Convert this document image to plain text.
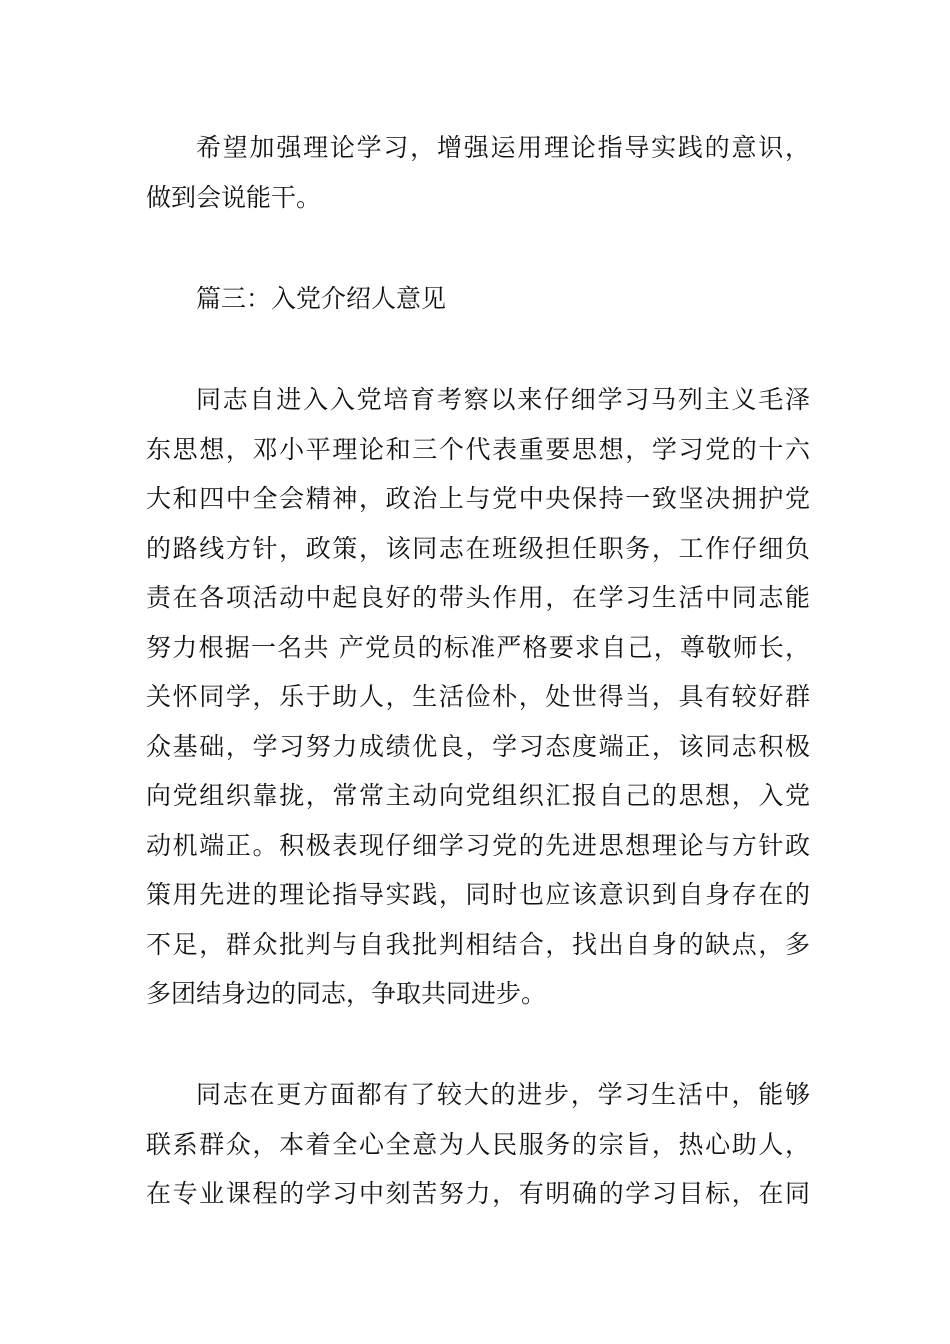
希望加强理论学习，增强运用理论指导实践的意识，
做到会说能干。
篇三：入党介绍人意见
同志自进入入党培育考察以来仔细学习马列主义毛泽
东思想，邓小平理论和三个代表重要思想，学习党的十六
大和四中全会精神，政治上与党中央保持一致坚决拥护党
的路线方针，政策，该同志在班级担任职务，工作仔细负
责在各项活动中起良好的带头作用，在学习生活中同志能
努力根据一名共 产党员的标准严格要求自己，尊敬师长，
关怀同学，乐于助人，生活俭朴，处世得当，具有较好群
众基础，学习努力成绩优良，学习态度端正，该同志积极
向党组织靠拢，常常主动向党组织汇报自己的思想，入党
动机端正。积极表现仔细学习党的先进思想理论与方针政
策用先进的理论指导实践，同时也应该意识到自身存在的
不足，群众批判与自我批判相结合，找出自身的缺点，多
多团结身边的同志，争取共同进步。
同志在更方面都有了较大的进步，学习生活中，能够
联系群众，本着全心全意为人民服务的宗旨，热心助人，
在专业课程的学习中刻苦努力，有明确的学习目标，在同
